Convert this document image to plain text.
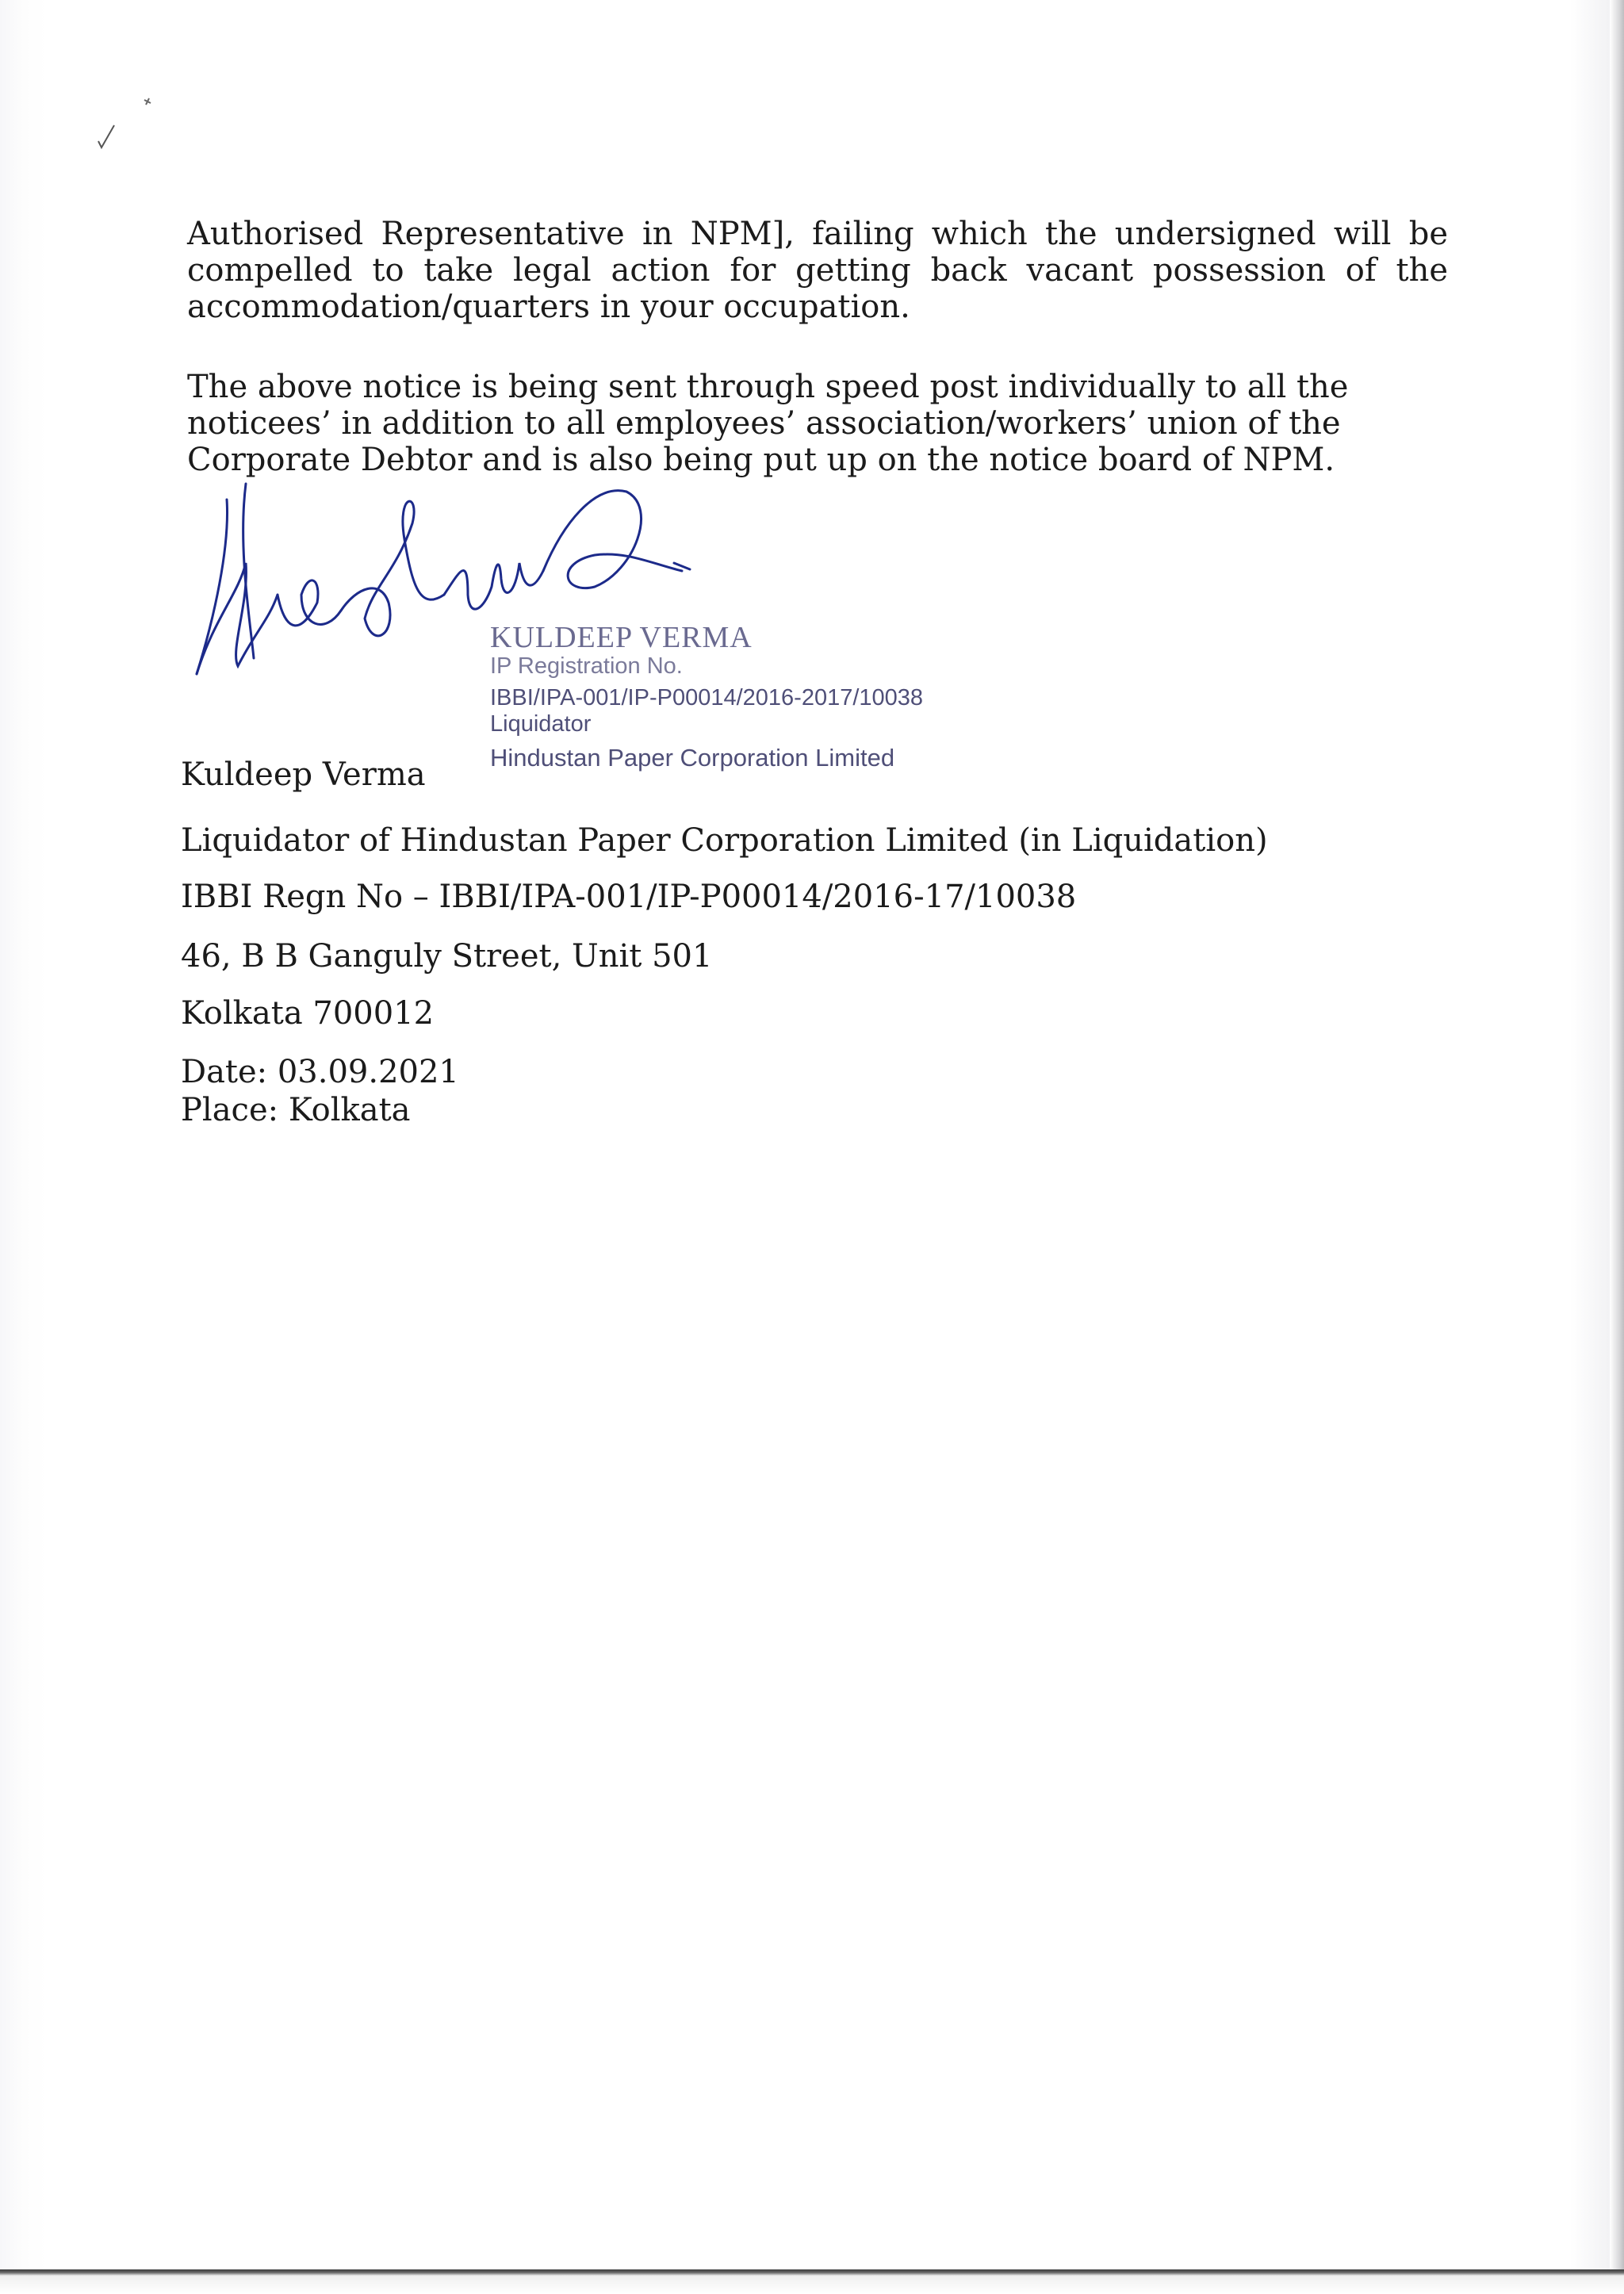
Authorised Representative in NPM], failing which the undersigned will be compelled to take legal action for getting back vacant possession of the accommodation/quarters in your occupation.

The above notice is being sent through speed post individually to all the noticees’ in addition to all employees’ association/workers’ union of the Corporate Debtor and is also being put up on the notice board of NPM.

KULDEEP VERMA
IP Registration No.
IBBI/IPA-001/IP-P00014/2016-2017/10038
Liquidator
Hindustan Paper Corporation Limited

Kuldeep Verma

Liquidator of Hindustan Paper Corporation Limited (in Liquidation)

IBBI Regn No – IBBI/IPA-001/IP-P00014/2016-17/10038

46, B B Ganguly Street, Unit 501

Kolkata 700012

Date: 03.09.2021

Place: Kolkata
